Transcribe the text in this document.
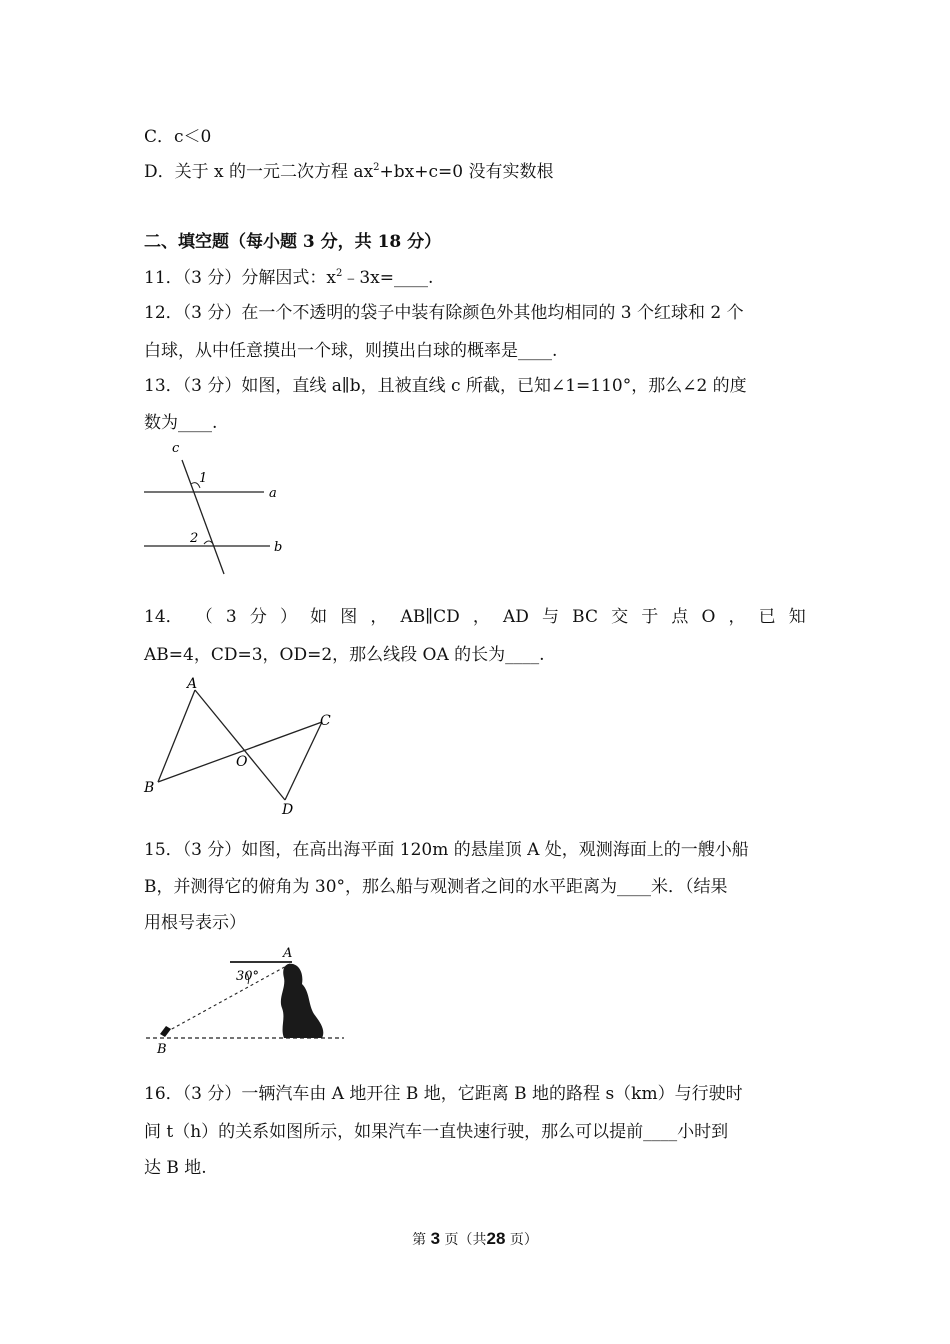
C．c＜0
D．关于 x 的一元二次方程 $ax^2+bx+c=0$ 没有实数根
二、填空题（每小题 3 分，共 18 分）
11．（3 分）分解因式：$x^2﹣3x=\_\_\_\_$.
12．（3 分）在一个不透明的袋子中装有除颜色外其他均相同的 3 个红球和 2 个
白球，从中任意摸出一个球，则摸出白球的概率是____.
13．（3 分）如图，直线 a∥b，且被直线 c 所截，已知∠1=110°，那么∠2 的度
数为____.
c
1
a
2
b
14． （ 3 分 ） 如 图 ， AB∥CD ， AD 与 BC 交 于 点 O ， 已 知
AB=4，CD=3，OD=2，那么线段 OA 的长为____.
A
B
C
D
O
15．（3 分）如图，在高出海平面 120m 的悬崖顶 A 处，观测海面上的一艘小船
B，并测得它的俯角为 30°，那么船与观测者之间的水平距离为____米．（结果
用根号表示）
A
B
30°
16．（3 分）一辆汽车由 A 地开往 B 地，它距离 B 地的路程 s（km）与行驶时
间 t（h）的关系如图所示，如果汽车一直快速行驶，那么可以提前____小时到
达 B 地.
第 3 页（共28 页）
